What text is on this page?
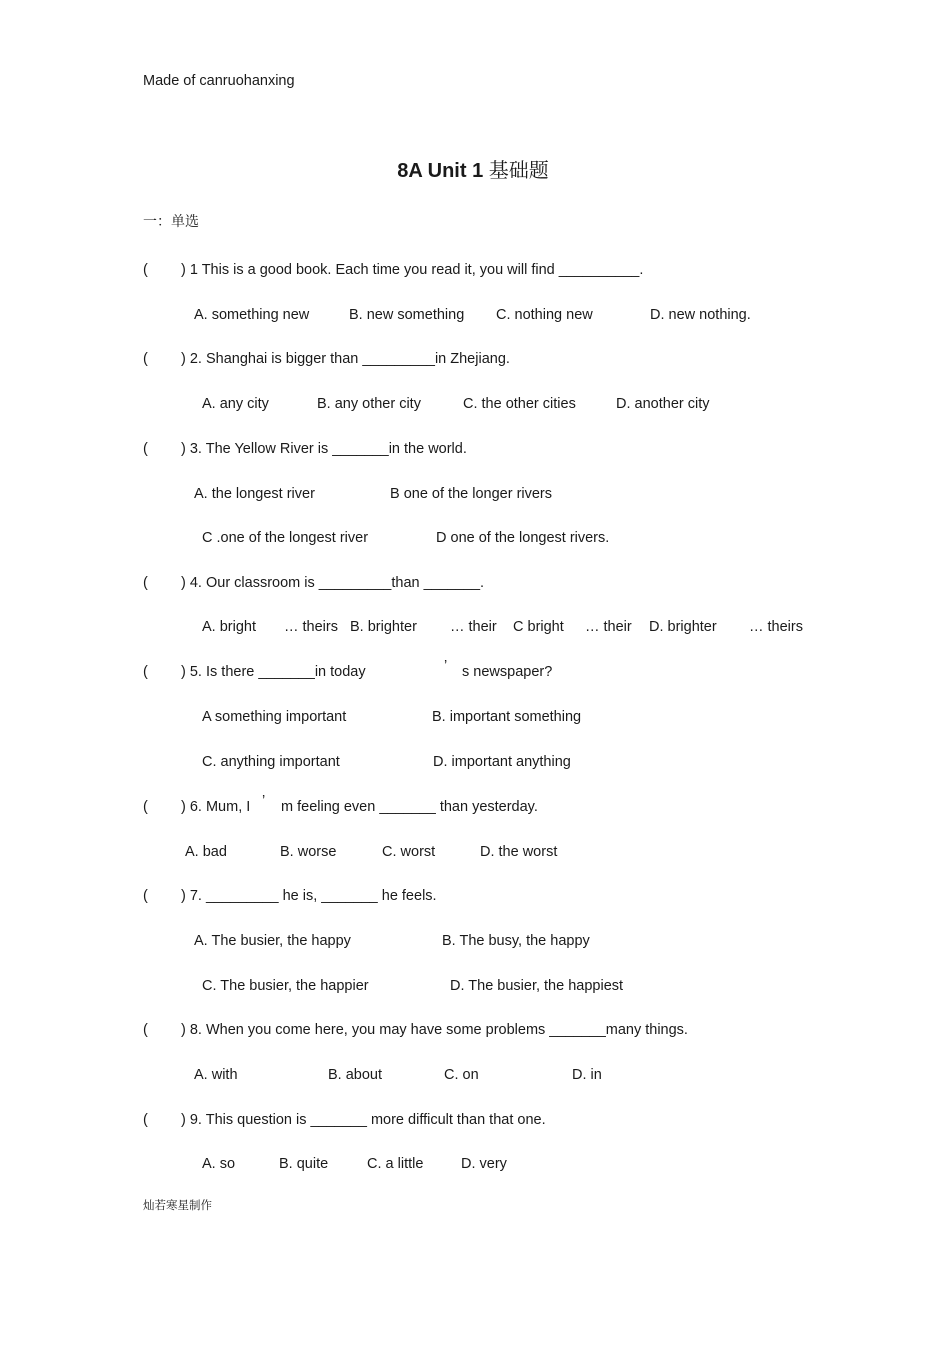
Made of canruohanxing
8A Unit 1 基础题
一：单选
( ) 1 This is a good book. Each time you read it, you will find __________.
A. something new	B. new something C. nothing new	D. new nothing.
( ) 2. Shanghai is bigger than _________in Zhejiang.
A. any city	B. any other city	C. the other cities	D. another city
( ) 3. The Yellow River is _______in the world.
A. the longest river	B one of the longer rivers
C .one of the longest river	D one of the longest rivers.
( ) 4. Our classroom is _________than _______.
A. bright … theirs B. brighter … their C bright … their D. brighter … theirs
( ) 5. Is there _______in today	’ s newspaper?
A something important	B. important something
C. anything important	D. important anything
( ) 6. Mum, I ’ m feeling even _______ than yesterday.
A. bad	B. worse	C. worst	D. the worst
( ) 7. _________ he is, _______ he feels.
A. The busier, the happy	B. The busy, the happy
C. The busier, the happier	D. The busier, the happiest
( ) 8. When you come here, you may have some problems _______many things.
A. with	B. about	C. on	D. in
( ) 9. This question is _______ more difficult than that one.
A. so	B. quite	C. a little	D. very
灿若寒星制作
